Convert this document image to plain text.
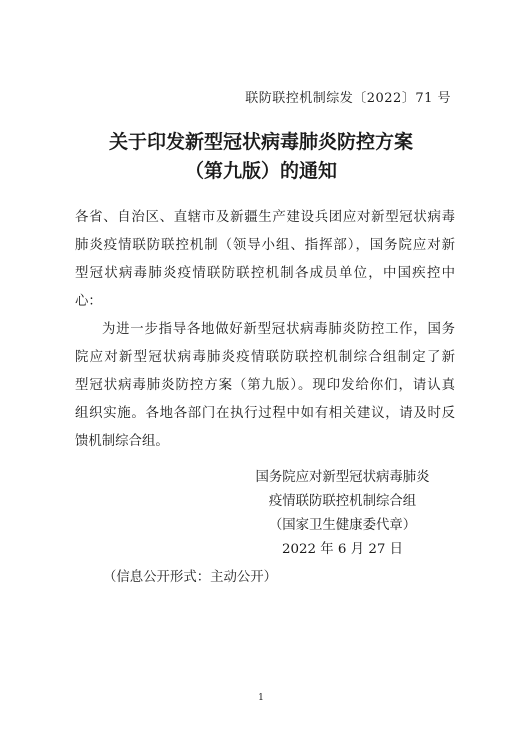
联防联控机制综发〔2022〕71 号
关于印发新型冠状病毒肺炎防控方案
（第九版）的通知
各省、自治区、直辖市及新疆生产建设兵团应对新型冠状病毒
肺炎疫情联防联控机制（领导小组、指挥部），国务院应对新
型冠状病毒肺炎疫情联防联控机制各成员单位，中国疾控中
心：
为进一步指导各地做好新型冠状病毒肺炎防控工作，国务
院应对新型冠状病毒肺炎疫情联防联控机制综合组制定了新
型冠状病毒肺炎防控方案（第九版）。现印发给你们，请认真
组织实施。各地各部门在执行过程中如有相关建议，请及时反
馈机制综合组。
国务院应对新型冠状病毒肺炎
疫情联防联控机制综合组
（国家卫生健康委代章）
2022 年 6 月 27 日
（信息公开形式：主动公开）
1
